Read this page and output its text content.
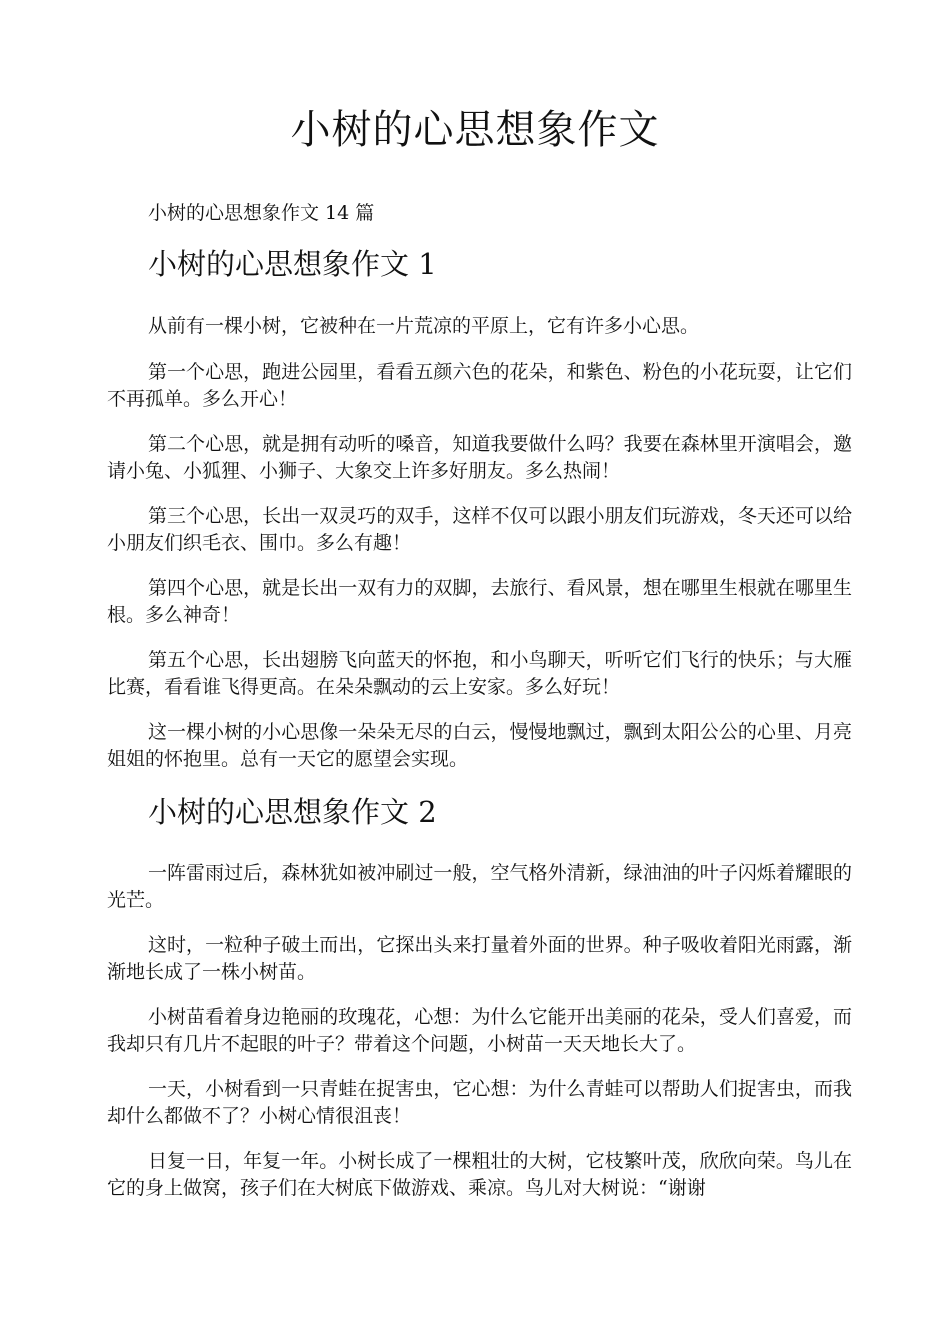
小树的心思想象作文

小树的心思想象作文 14 篇

小树的心思想象作文 1

从前有一棵小树，它被种在一片荒凉的平原上，它有许多小心思。

第一个心思，跑进公园里，看看五颜六色的花朵，和紫色、粉色的小花玩耍，让它们不再孤单。多么开心！

第二个心思，就是拥有动听的嗓音，知道我要做什么吗？我要在森林里开演唱会，邀请小兔、小狐狸、小狮子、大象交上许多好朋友。多么热闹！

第三个心思，长出一双灵巧的双手，这样不仅可以跟小朋友们玩游戏，冬天还可以给小朋友们织毛衣、围巾。多么有趣！

第四个心思，就是长出一双有力的双脚，去旅行、看风景，想在哪里生根就在哪里生根。多么神奇！

第五个心思，长出翅膀飞向蓝天的怀抱，和小鸟聊天，听听它们飞行的快乐；与大雁比赛，看看谁飞得更高。在朵朵飘动的云上安家。多么好玩！

这一棵小树的小心思像一朵朵无尽的白云，慢慢地飘过，飘到太阳公公的心里、月亮姐姐的怀抱里。总有一天它的愿望会实现。

小树的心思想象作文 2

一阵雷雨过后，森林犹如被冲刷过一般，空气格外清新，绿油油的叶子闪烁着耀眼的光芒。

这时，一粒种子破土而出，它探出头来打量着外面的世界。种子吸收着阳光雨露，渐渐地长成了一株小树苗。

小树苗看着身边艳丽的玫瑰花，心想：为什么它能开出美丽的花朵，受人们喜爱，而我却只有几片不起眼的叶子？带着这个问题，小树苗一天天地长大了。

一天，小树看到一只青蛙在捉害虫，它心想：为什么青蛙可以帮助人们捉害虫，而我却什么都做不了？小树心情很沮丧！

日复一日，年复一年。小树长成了一棵粗壮的大树，它枝繁叶茂，欣欣向荣。鸟儿在它的身上做窝，孩子们在大树底下做游戏、乘凉。鸟儿对大树说：“谢谢
